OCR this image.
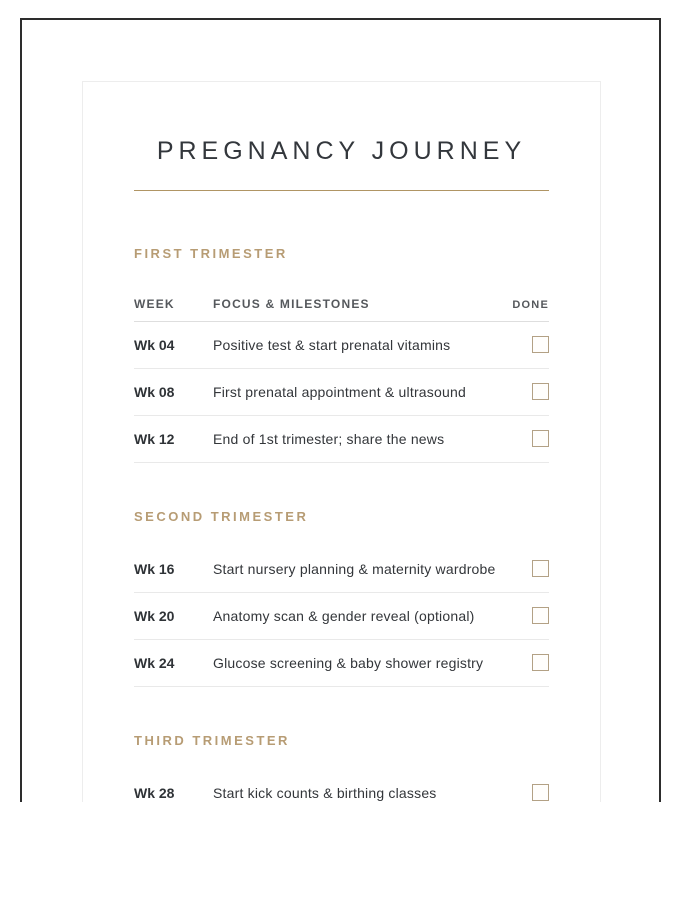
PREGNANCY JOURNEY
FIRST TRIMESTER
WEEK	FOCUS & MILESTONES	DONE
Wk 04	Positive test & start prenatal vitamins
Wk 08	First prenatal appointment & ultrasound
Wk 12	End of 1st trimester; share the news
SECOND TRIMESTER
Wk 16	Start nursery planning & maternity wardrobe
Wk 20	Anatomy scan & gender reveal (optional)
Wk 24	Glucose screening & baby shower registry
THIRD TRIMESTER
Wk 28	Start kick counts & birthing classes
